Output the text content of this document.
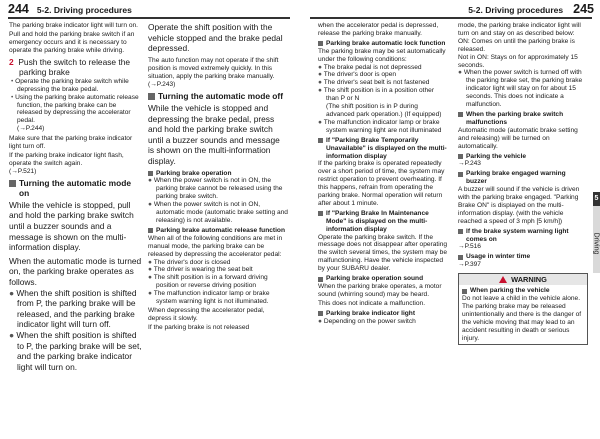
244 5-2. Driving procedures	5-2. Driving procedures 245

The parking brake indicator light will turn on.

Pull and hold the parking brake switch if an emergency occurs and it is necessary to operate the parking brake while driving.

2 Push the switch to release the parking brake

• Operate the parking brake switch while depressing the brake pedal.

• Using the parking brake automatic release function, the parking brake can be released by depressing the accelerator pedal.
(→P.244)

Make sure that the parking brake indicator light turn off.

If the parking brake indicator light flash, operate the switch again.
(→P.521)

Turning the automatic mode on

While the vehicle is stopped, pull and hold the parking brake switch until a buzzer sounds and a message is shown on the multi-information display.

When the automatic mode is turned on, the parking brake operates as follows.

● When the shift position is shifted from P, the parking brake will be released, and the parking brake indicator light will turn off.

● When the shift position is shifted to P, the parking brake will be set, and the parking brake indicator light will turn on.

Operate the shift position with the vehicle stopped and the brake pedal depressed.

The auto function may not operate if the shift position is moved extremely quickly. In this situation, apply the parking brake manually.
(→P.243)

Turning the automatic mode off

While the vehicle is stopped and depressing the brake pedal, press and hold the parking brake switch until a buzzer sounds and message is shown on the multi-information display.

Parking brake operation

● When the power switch is not in ON, the parking brake cannot be released using the parking brake switch.

● When the power switch is not in ON, automatic mode (automatic brake setting and releasing) is not available.

Parking brake automatic release function

When all of the following conditions are met in manual mode, the parking brake can be released by depressing the accelerator pedal:

● The driver's door is closed

● The driver is wearing the seat belt

● The shift position is in a forward driving position or reverse driving position

● The malfunction indicator lamp or brake system warning light is not illuminated.

When depressing the accelerator pedal, depress it slowly.

If the parking brake is not released

when the accelerator pedal is depressed, release the parking brake manually.

Parking brake automatic lock function

The parking brake may be set automatically under the following conditions:

● The brake pedal is not depressed

● The driver's door is open

● The driver's seat belt is not fastened

● The shift position is in a position other than P or N
(The shift position is in P during advanced park operation.) (If equipped)

● The malfunction indicator lamp or brake system warning light are not illuminated

If "Parking Brake Temporarily Unavailable" is displayed on the multi-information display

If the parking brake is operated repeatedly over a short period of time, the system may restrict operation to prevent overheating. If this happens, refrain from operating the parking brake. Normal operation will return after about 1 minute.

If "Parking Brake In Maintenance Mode" is displayed on the multi-information display

Operate the parking brake switch. If the message does not disappear after operating the switch several times, the system may be malfunctioning. Have the vehicle inspected by your SUBARU dealer.

Parking brake operation sound

When the parking brake operates, a motor sound (whirring sound) may be heard.

This does not indicate a malfunction.

Parking brake indicator light

● Depending on the power switch

mode, the parking brake indicator light will turn on and stay on as described below:

ON: Comes on until the parking brake is released.

Not in ON: Stays on for approximately 15 seconds.

● When the power switch is turned off with the parking brake set, the parking brake indicator light will stay on for about 15 seconds. This does not indicate a malfunction.

When the parking brake switch malfunctions

Automatic mode (automatic brake setting and releasing) will be turned on automatically.

Parking the vehicle

→P.243

Parking brake engaged warning buzzer

A buzzer will sound if the vehicle is driven with the parking brake engaged. "Parking Brake ON" is displayed on the multi-information display. (with the vehicle reached a speed of 3 mph [5 km/h])

If the brake system warning light comes on

→P.516

Usage in winter time

→P.397

WARNING

When parking the vehicle

Do not leave a child in the vehicle alone. The parking brake may be released unintentionally and there is the danger of the vehicle moving that may lead to an accident resulting in death or serious injury.

5
Driving
